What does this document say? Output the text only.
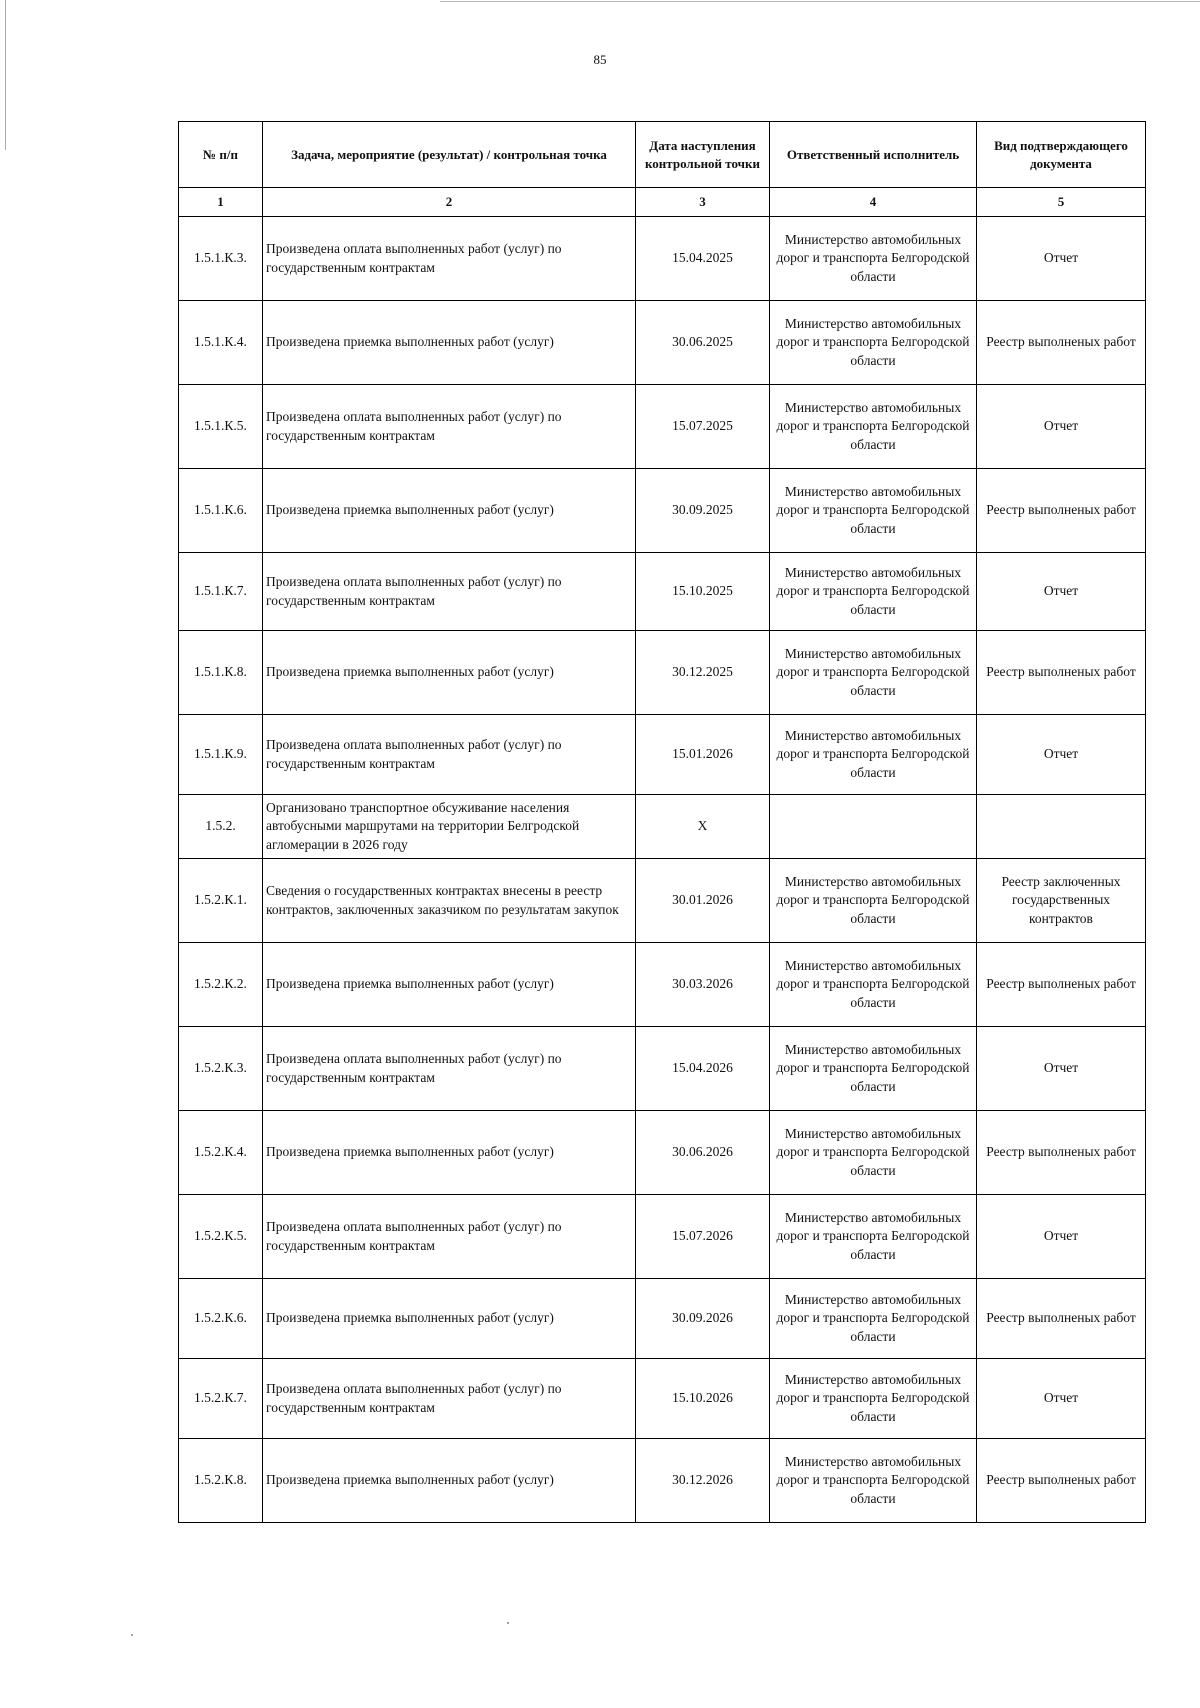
85
№ п/п	Задача, мероприятие (результат) / контрольная точка	Дата наступления контрольной точки	Ответственный исполнитель	Вид подтверждающего документа
1	2	3	4	5
1.5.1.К.3.	Произведена оплата выполненных работ (услуг) по государственным контрактам	15.04.2025	Министерство автомобильных дорог и транспорта Белгородской области	Отчет
1.5.1.К.4.	Произведена приемка выполненных работ (услуг)	30.06.2025	Министерство автомобильных дорог и транспорта Белгородской области	Реестр выполненых работ
1.5.1.К.5.	Произведена оплата выполненных работ (услуг) по государственным контрактам	15.07.2025	Министерство автомобильных дорог и транспорта Белгородской области	Отчет
1.5.1.К.6.	Произведена приемка выполненных работ (услуг)	30.09.2025	Министерство автомобильных дорог и транспорта Белгородской области	Реестр выполненых работ
1.5.1.К.7.	Произведена оплата выполненных работ (услуг) по государственным контрактам	15.10.2025	Министерство автомобильных дорог и транспорта Белгородской области	Отчет
1.5.1.К.8.	Произведена приемка выполненных работ (услуг)	30.12.2025	Министерство автомобильных дорог и транспорта Белгородской области	Реестр выполненых работ
1.5.1.К.9.	Произведена оплата выполненных работ (услуг) по государственным контрактам	15.01.2026	Министерство автомобильных дорог и транспорта Белгородской области	Отчет
1.5.2.	Организовано транспортное обсуживание населения автобусными маршрутами на территории Белгродской агломерации в 2026 году	X		
1.5.2.К.1.	Сведения о государственных контрактах внесены в реестр контрактов, заключенных заказчиком по результатам закупок	30.01.2026	Министерство автомобильных дорог и транспорта Белгородской области	Реестр заключенных государственных контрактов
1.5.2.К.2.	Произведена приемка выполненных работ (услуг)	30.03.2026	Министерство автомобильных дорог и транспорта Белгородской области	Реестр выполненых работ
1.5.2.К.3.	Произведена оплата выполненных работ (услуг) по государственным контрактам	15.04.2026	Министерство автомобильных дорог и транспорта Белгородской области	Отчет
1.5.2.К.4.	Произведена приемка выполненных работ (услуг)	30.06.2026	Министерство автомобильных дорог и транспорта Белгородской области	Реестр выполненых работ
1.5.2.К.5.	Произведена оплата выполненных работ (услуг) по государственным контрактам	15.07.2026	Министерство автомобильных дорог и транспорта Белгородской области	Отчет
1.5.2.К.6.	Произведена приемка выполненных работ (услуг)	30.09.2026	Министерство автомобильных дорог и транспорта Белгородской области	Реестр выполненых работ
1.5.2.К.7.	Произведена оплата выполненных работ (услуг) по государственным контрактам	15.10.2026	Министерство автомобильных дорог и транспорта Белгородской области	Отчет
1.5.2.К.8.	Произведена приемка выполненных работ (услуг)	30.12.2026	Министерство автомобильных дорог и транспорта Белгородской области	Реестр выполненых работ
